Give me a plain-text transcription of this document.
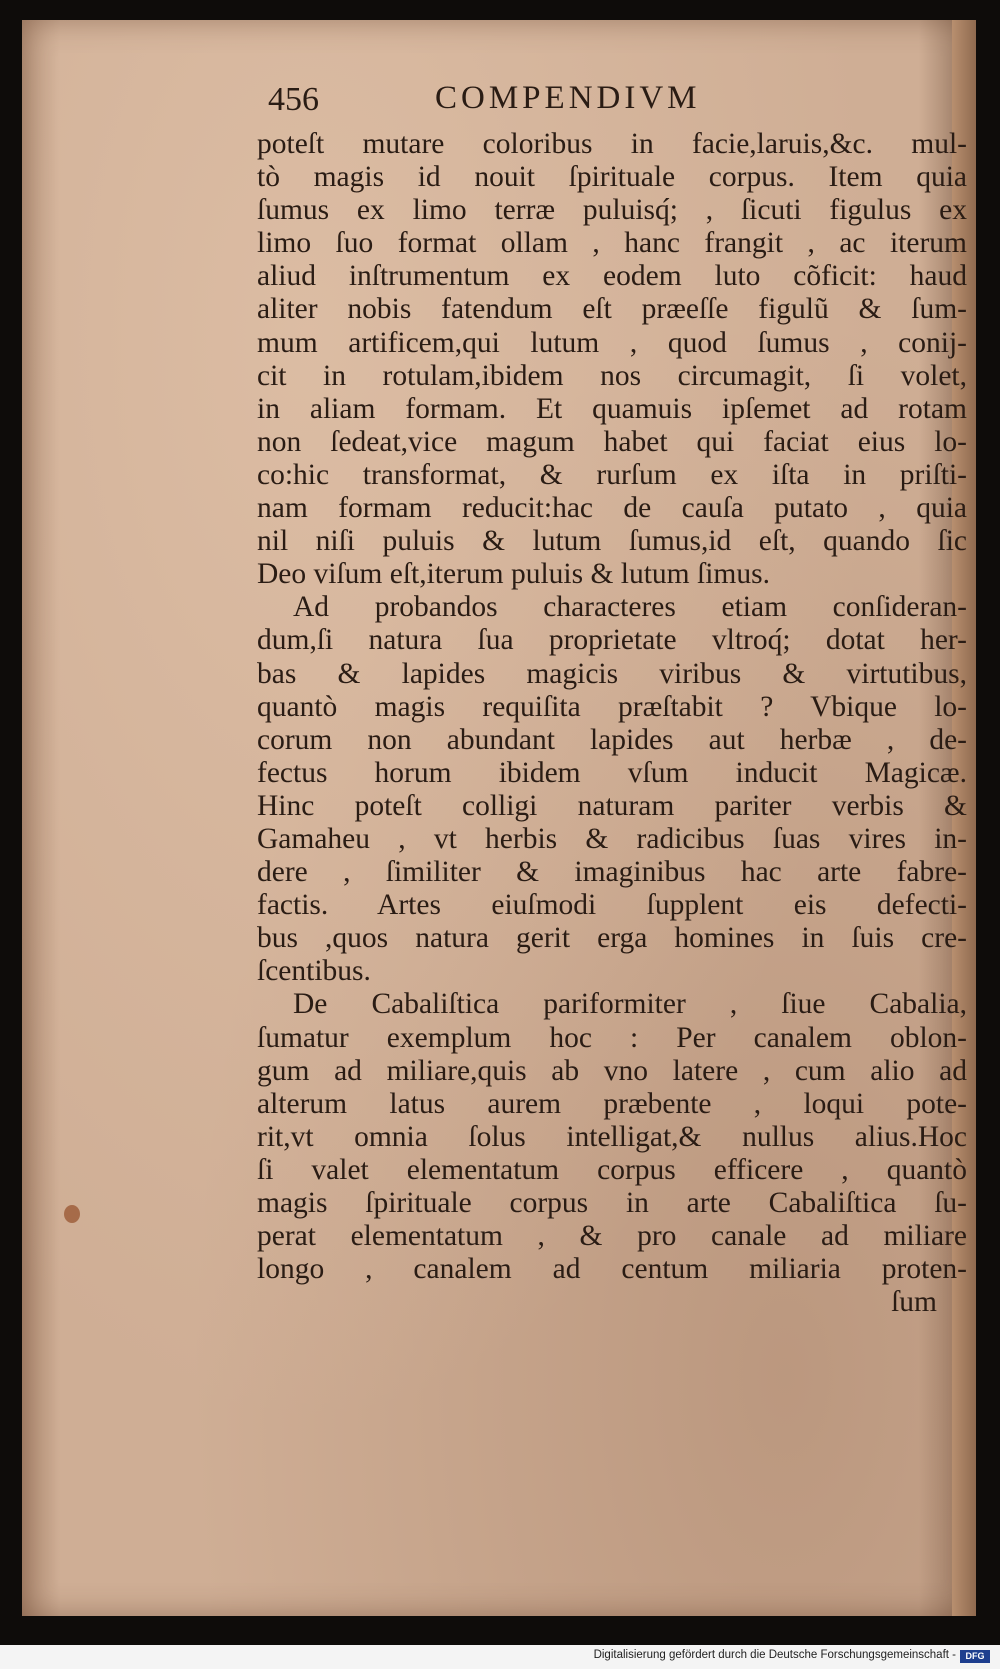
456	COMPENDIVM
poteſt mutare coloribus in facie,laruis,&c. mul-
tò magis id nouit ſpirituale corpus. Item quia
ſumus ex limo terræ puluisq́; , ſicuti figulus ex
limo ſuo format ollam , hanc frangit , ac iterum
aliud inſtrumentum ex eodem luto cõficit: haud
aliter nobis fatendum eſt præeſſe figulũ & ſum-
mum artificem,qui lutum , quod ſumus , conij-
cit in rotulam,ibidem nos circumagit, ſi volet,
in aliam formam. Et quamuis ipſemet ad rotam
non ſedeat,vice magum habet qui faciat eius lo-
co:hic transformat, & rurſum ex iſta in priſti-
nam formam reducit:hac de cauſa putato , quia
nil niſi puluis & lutum ſumus,id eſt, quando ſic
Deo viſum eſt,iterum puluis & lutum ſimus.
Ad probandos characteres etiam conſideran-
dum,ſi natura ſua proprietate vltroq́; dotat her-
bas & lapides magicis viribus & virtutibus,
quantò magis requiſita præſtabit ? Vbique lo-
corum non abundant lapides aut herbæ , de-
fectus horum ibidem vſum inducit Magicæ.
Hinc poteſt colligi naturam pariter verbis &
Gamaheu , vt herbis & radicibus ſuas vires in-
dere , ſimiliter & imaginibus hac arte fabre-
factis. Artes eiuſmodi ſupplent eis defecti-
bus ,quos natura gerit erga homines in ſuis cre-
ſcentibus.
De Cabaliſtica pariformiter , ſiue Cabalia,
ſumatur exemplum hoc : Per canalem oblon-
gum ad miliare,quis ab vno latere , cum alio ad
alterum latus aurem præbente , loqui pote-
rit,vt omnia ſolus intelligat,& nullus alius.Hoc
ſi valet elementatum corpus efficere , quantò
magis ſpirituale corpus in arte Cabaliſtica ſu-
perat elementatum , & pro canale ad miliare
longo , canalem ad centum miliaria proten-
ſum
Digitalisierung gefördert durch die Deutsche Forschungsgemeinschaft -	DFG
